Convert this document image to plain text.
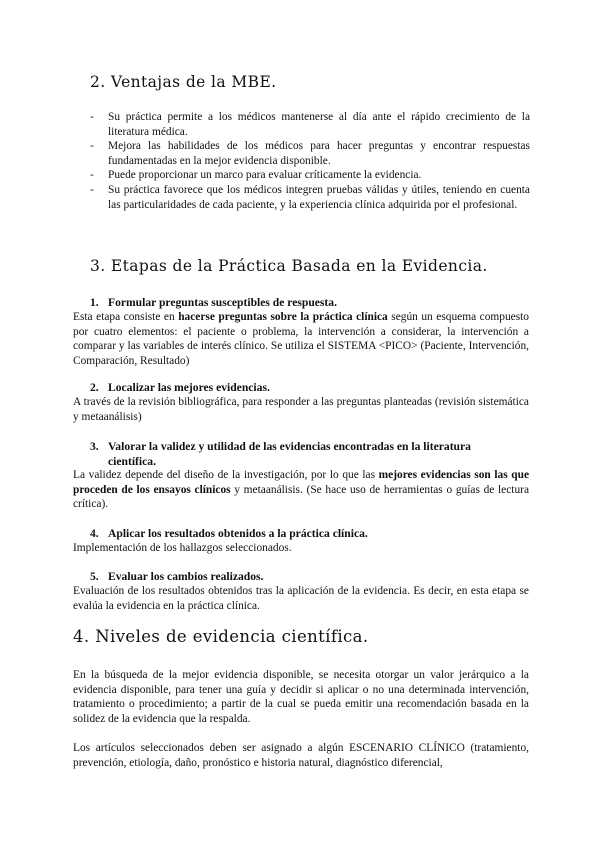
2. Ventajas de la MBE.
- Su práctica permite a los médicos mantenerse al día ante el rápido crecimiento de la literatura médica.
- Mejora las habilidades de los médicos para hacer preguntas y encontrar respuestas fundamentadas en la mejor evidencia disponible.
- Puede proporcionar un marco para evaluar críticamente la evidencia.
- Su práctica favorece que los médicos integren pruebas válidas y útiles, teniendo en cuenta las particularidades de cada paciente, y la experiencia clínica adquirida por el profesional.
3. Etapas de la Práctica Basada en la Evidencia.
1. Formular preguntas susceptibles de respuesta.
Esta etapa consiste en hacerse preguntas sobre la práctica clínica según un esquema compuesto por cuatro elementos: el paciente o problema, la intervención a considerar, la intervención a comparar y las variables de interés clínico. Se utiliza el SISTEMA <PICO> (Paciente, Intervención, Comparación, Resultado)
2. Localizar las mejores evidencias.
A través de la revisión bibliográfica, para responder a las preguntas planteadas (revisión sistemática y metaanálisis)
3. Valorar la validez y utilidad de las evidencias encontradas en la literatura
científica.
La validez depende del diseño de la investigación, por lo que las mejores evidencias son las que proceden de los ensayos clínicos y metaanálisis. (Se hace uso de herramientas o guías de lectura crítica).
4. Aplicar los resultados obtenidos a la práctica clínica.
Implementación de los hallazgos seleccionados.
5. Evaluar los cambios realizados.
Evaluación de los resultados obtenidos tras la aplicación de la evidencia. Es decir, en esta etapa se evalúa la evidencia en la práctica clínica.
4. Niveles de evidencia científica.
En la búsqueda de la mejor evidencia disponible, se necesita otorgar un valor jerárquico a la evidencia disponible, para tener una guía y decidir si aplicar o no una determinada intervención, tratamiento o procedimiento; a partir de la cual se pueda emitir una recomendación basada en la solidez de la evidencia que la respalda.
Los artículos seleccionados deben ser asignado a algún ESCENARIO CLÍNICO (tratamiento, prevención, etiología, daño, pronóstico e historia natural, diagnóstico diferencial,
